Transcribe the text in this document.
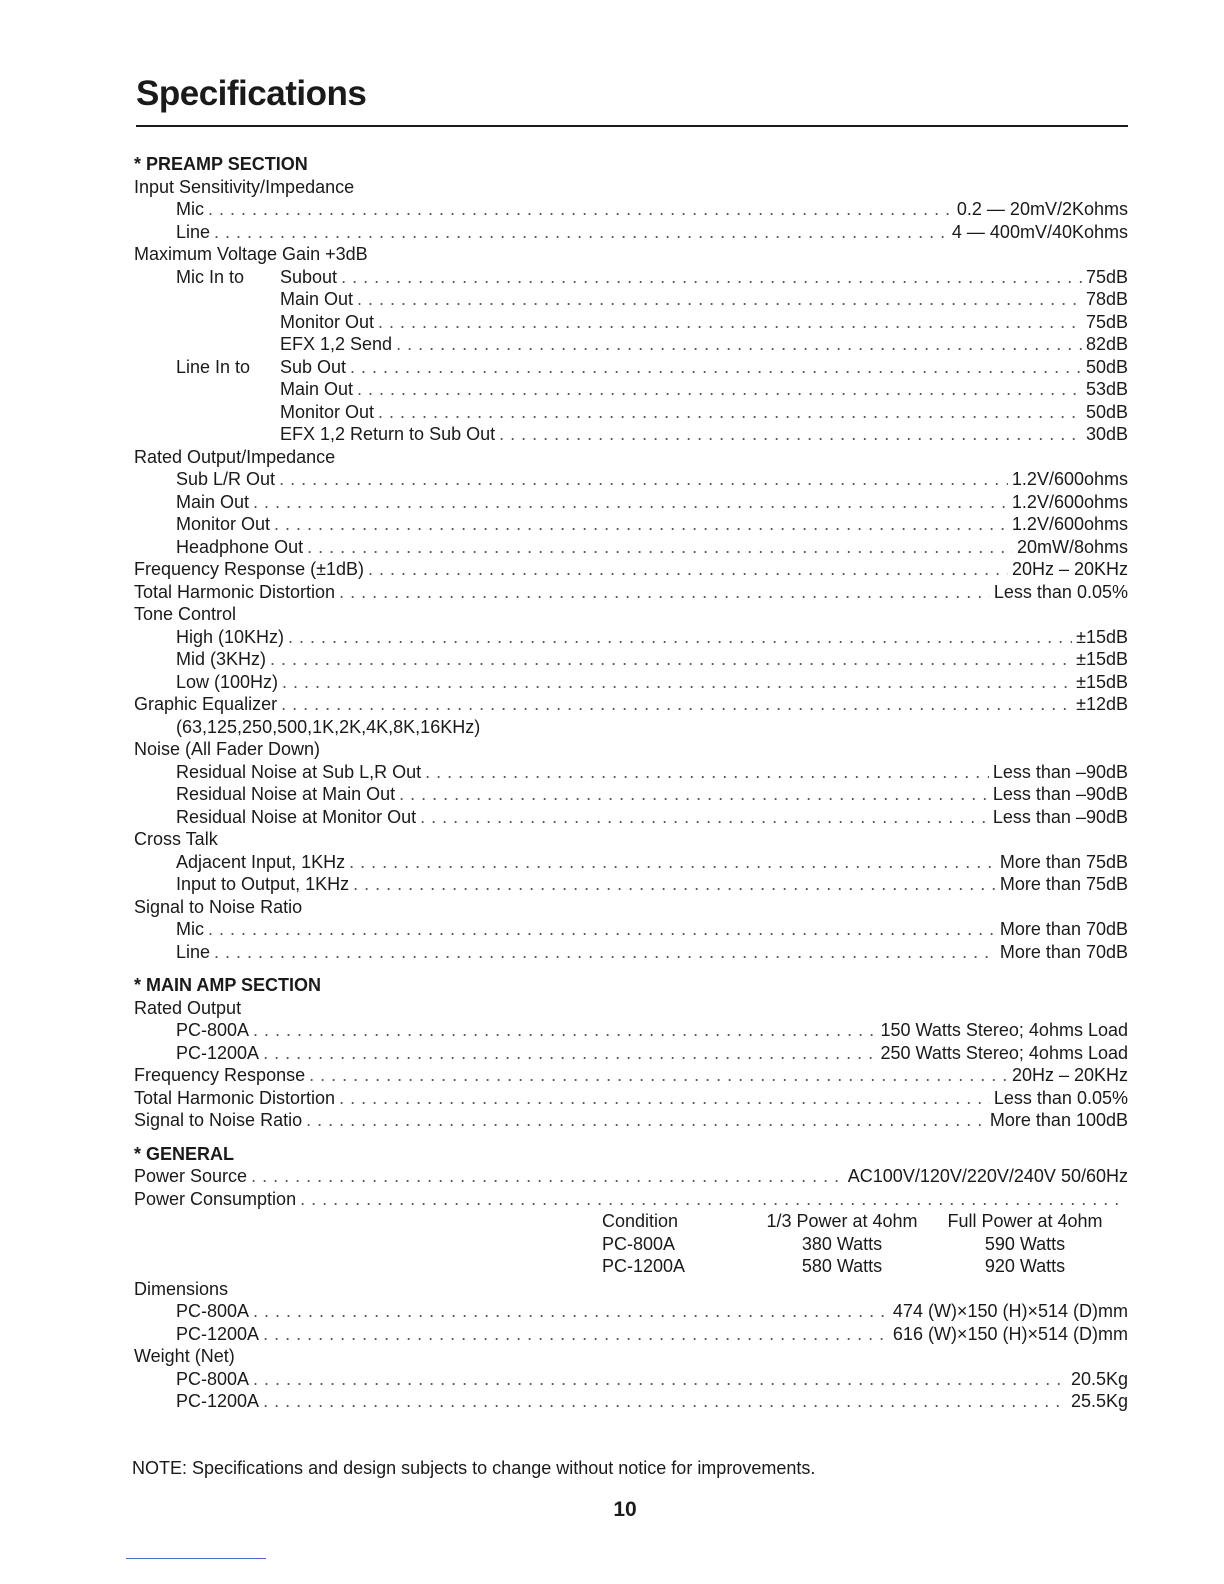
Specifications
* PREAMP SECTION
Input Sensitivity/Impedance
Mic . . .	0.2 — 20mV/2Kohms
Line . . .	4 — 400mV/40Kohms
Maximum Voltage Gain +3dB
Mic In to	Subout . . .	75dB
Main Out . . .	78dB
Monitor Out . . .	75dB
EFX 1,2 Send . . .	82dB
Line In to	Sub Out . . .	50dB
Main Out . . .	53dB
Monitor Out . . .	50dB
EFX 1,2 Return to Sub Out . . .	30dB
Rated Output/Impedance
Sub L/R Out . . .	1.2V/600ohms
Main Out . . .	1.2V/600ohms
Monitor Out . . .	1.2V/600ohms
Headphone Out . . .	20mW/8ohms
Frequency Response (±1dB) . . .	20Hz – 20KHz
Total Harmonic Distortion . . .	Less than 0.05%
Tone Control
High (10KHz) . . .	±15dB
Mid (3KHz) . . .	±15dB
Low (100Hz) . . .	±15dB
Graphic Equalizer . . .	±12dB
(63,125,250,500,1K,2K,4K,8K,16KHz)
Noise (All Fader Down)
Residual Noise at Sub L,R Out . . .	Less than –90dB
Residual Noise at Main Out . . .	Less than –90dB
Residual Noise at Monitor Out . . .	Less than –90dB
Cross Talk
Adjacent Input, 1KHz . . .	More than 75dB
Input to Output, 1KHz . . .	More than 75dB
Signal to Noise Ratio
Mic . . .	More than 70dB
Line . . .	More than 70dB
* MAIN AMP SECTION
Rated Output
PC-800A . . .	150 Watts Stereo; 4ohms Load
PC-1200A . . .	250 Watts Stereo; 4ohms Load
Frequency Response . . .	20Hz – 20KHz
Total Harmonic Distortion . . .	Less than 0.05%
Signal to Noise Ratio . . .	More than 100dB
* GENERAL
Power Source . . .	AC100V/120V/220V/240V 50/60Hz
Power Consumption
. . .
Condition	1/3 Power at 4ohm	Full Power at 4ohm
PC-800A	380 Watts	590 Watts
PC-1200A	580 Watts	920 Watts
Dimensions
PC-800A . . .	474 (W)×150 (H)×514 (D)mm
PC-1200A . . .	616 (W)×150 (H)×514 (D)mm
Weight (Net)
PC-800A . . .	20.5Kg
PC-1200A . . .	25.5Kg
NOTE: Specifications and design subjects to change without notice for improvements.
10
